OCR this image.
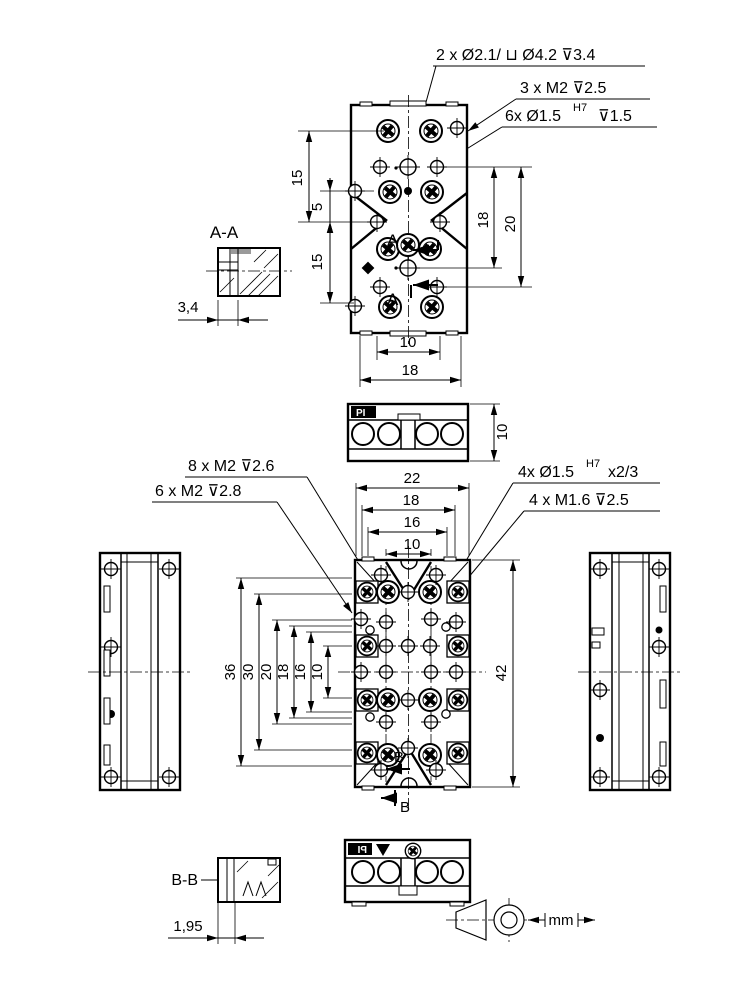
2 x Ø2.1/ ⊔ Ø4.2 ⊽3.4
3 x M2 ⊽2.5
6x Ø1.5 H7 ⊽1.5
A
A
15
5
15
18 20
10
18
A-A
3,4
PI
10
8 x M2 ⊽2.6
6 x M2 ⊽2.8
4x Ø1.5 H7 x2/3
4 x M1.6 ⊽2.5
22
18
16
10
B
B
36 30 20 18 16 10	42
PI
B-B
1,95	mm
